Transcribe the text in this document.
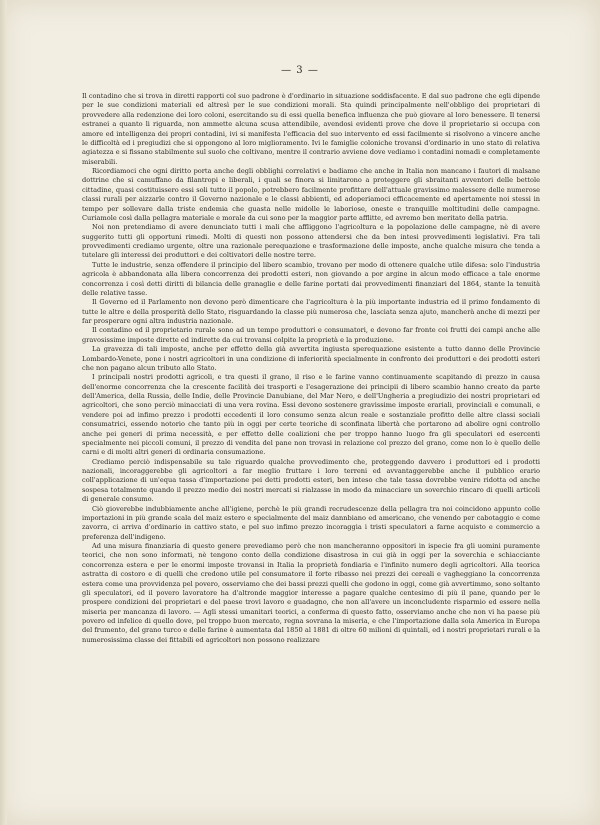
— 3 —

Il contadino che si trova in diretti rapporti col suo padrone è d'ordinario in situazione soddisfacente. E dal suo padrone che egli dipende per le sue condizioni materiali ed altresì per le sue condizioni morali. Sta quindi principalmente nell'obbligo dei proprietari di provvedere alla redenzione dei loro coloni, esercitando su di essi quella benefica influenza che può giovare al loro benessere. Il tenersi estranei a quanto li riguarda, non ammette alcuna scusa attendibile, avendosi evidenti prove che dove il proprietario si occupa con amore ed intelligenza dei propri contadini, ivi si manifesta l'efficacia del suo intervento ed essi facilmente si risolvono a vincere anche le difficoltà ed i pregiudizi che si oppongono al loro miglioramento. Ivi le famiglie coloniche trovansi d'ordinario in uno stato di relativa agiatezza e si fissano stabilmente sul suolo che coltivano, mentre il contrario avviene dove vediamo i contadini nomadi e completamente miserabili.

Ricordiamoci che ogni diritto porta anche degli obblighi correlativi e badiamo che anche in Italia non mancano i fautori di malsane dottrine che si camuffano da filantropi e liberali, i quali se finora si limitarono a proteggere gli sbraitanti avventori delle bettole cittadine, quasi costituissero essi soli tutto il popolo, potrebbero facilmente profittare dell'attuale gravissimo malessere delle numerose classi rurali per aizzarle contro il Governo nazionale e le classi abbienti, ed adoperiamoci efficacemente ed apertamente noi stessi in tempo per sollevare dalla triste endemia che guasta nelle midolle le laboriose, oneste e tranquille moltitudini delle campagne. Curiamole così dalla pellagra materiale e morale da cui sono per la maggior parte afflitte, ed avremo ben meritato della patria.

Noi non pretendiamo di avere denunciato tutti i mali che affliggono l'agricoltura e la popolazione delle campagne, nè di avere suggerito tutti gli opportuni rimedi. Molti di questi non possono attendersi che da ben intesi provvedimenti legislativi. Fra tali provvedimenti crediamo urgente, oltre una razionale perequazione e trasformazione delle imposte, anche qualche misura che tenda a tutelare gli interessi dei produttori e dei coltivatori delle nostre terre.

Tutte le industrie, senza offendere il principio del libero scambio, trovano per modo di ottenere qualche utile difesa: solo l'industria agricola è abbandonata alla libera concorrenza dei prodotti esteri, non giovando a por argine in alcun modo efficace a tale enorme concorrenza i così detti diritti di bilancia delle granaglie e delle farine portati dai provvedimenti finanziari del 1864, stante la tenuità delle relative tasse.

Il Governo ed il Parlamento non devono però dimenticare che l'agricoltura è la più importante industria ed il primo fondamento di tutte le altre e della prosperità dello Stato, risguardando la classe più numerosa che, lasciata senza ajuto, mancherà anche di mezzi per far prosperare ogni altra industria nazionale.

Il contadino ed il proprietario rurale sono ad un tempo produttori e consumatori, e devono far fronte coi frutti dei campi anche alle gravosissime imposte dirette ed indirette da cui trovansi colpite la proprietà e la produzione.

La gravezza di tali imposte, anche per effetto della già avvertita ingiusta sperequazione esistente a tutto danno delle Provincie Lombardo-Venete, pone i nostri agricoltori in una condizione di inferiorità specialmente in confronto dei produttori e dei prodotti esteri che non pagano alcun tributo allo Stato.

I principali nostri prodotti agricoli, e tra questi il grano, il riso e le farine vanno continuamente scapitando di prezzo in causa dell'enorme concorrenza che la crescente facilità dei trasporti e l'esagerazione dei principii di libero scambio hanno creato da parte dell'America, della Russia, delle Indie, delle Provincie Danubiane, del Mar Nero, e dell'Ungheria a pregiudizio dei nostri proprietari ed agricoltori, che sono perciò minacciati di una vera rovina. Essi devono sostenere gravissime imposte erariali, provinciali e comunali, e vendere poi ad infimo prezzo i prodotti eccedenti il loro consumo senza alcun reale e sostanziale profitto delle altre classi sociali consumatrici, essendo notorio che tanto più in oggi per certe teoriche di sconfinata libertà che portarono ad abolire ogni controllo anche pei generi di prima necessità, e per effetto delle coalizioni che per troppo hanno luogo fra gli speculatori ed esercenti specialmente nei piccoli comuni, il prezzo di vendita del pane non trovasi in relazione col prezzo del grano, come non lo è quello delle carni e di molti altri generi di ordinaria consumazione.

Crediamo perciò indispensabile su tale riguardo qualche provvedimento che, proteggendo davvero i produttori ed i prodotti nazionali, incoraggerebbe gli agricoltori a far meglio fruttare i loro terreni ed avvantaggerebbe anche il pubblico erario coll'applicazione di un'equa tassa d'importazione pei detti prodotti esteri, ben inteso che tale tassa dovrebbe venire ridotta od anche sospesa totalmente quando il prezzo medio dei nostri mercati si rialzasse in modo da minacciare un soverchio rincaro di quelli articoli di generale consumo.

Ciò gioverebbe indubbiamente anche all'igiene, perchè le più grandi recrudescenze della pellagra tra noi coincidono appunto colle importazioni in più grande scala del maiz estero e specialmente del maiz dannbiano ed americano, che venendo per cabotaggio e come zavorra, ci arriva d'ordinario in cattivo stato, e pel suo infimo prezzo incoraggia i tristi speculatori a farne acquisto e commercio a preferenza dell'indigeno.

Ad una misura finanziaria di questo genere prevediamo però che non mancheranno oppositori in ispecie fra gli uomini puramente teorici, che non sono informati, nè tengono conto della condizione disastrosa in cui già in oggi per la soverchia e schiacciante concorrenza estera e per le enormi imposte trovansi in Italia la proprietà fondiaria e l'infinito numero degli agricoltori. Alla teorica astratta di costoro e di quelli che credono utile pel consumatore il forte ribasso nei prezzi dei cereali e vagheggiano la concorrenza estera come una provvidenza pel povero, osserviamo che dei bassi prezzi quelli che godono in oggi, come già avvertimmo, sono soltanto gli speculatori, ed il povero lavoratore ha d'altronde maggior interesse a pagare qualche centesimo di più il pane, quando per le prospere condizioni dei proprietari e del paese trovi lavoro e guadagno, che non all'avere un inconcludente risparmio ed essere nella miseria per mancanza di lavoro. — Agli stessi umanitari teorici, a conferma di questo fatto, osserviamo anche che non vi ha paese più povero ed infelice di quello dove, pel troppo buon mercato, regna sovrana la miseria, e che l'importazione dalla sola America in Europa del frumento, del grano turco e delle farine è aumentata dal 1850 al 1881 di oltre 60 milioni di quintali, ed i nostri proprietari rurali e la numerosissima classe dei fittabili ed agricoltori non possono realizzare
